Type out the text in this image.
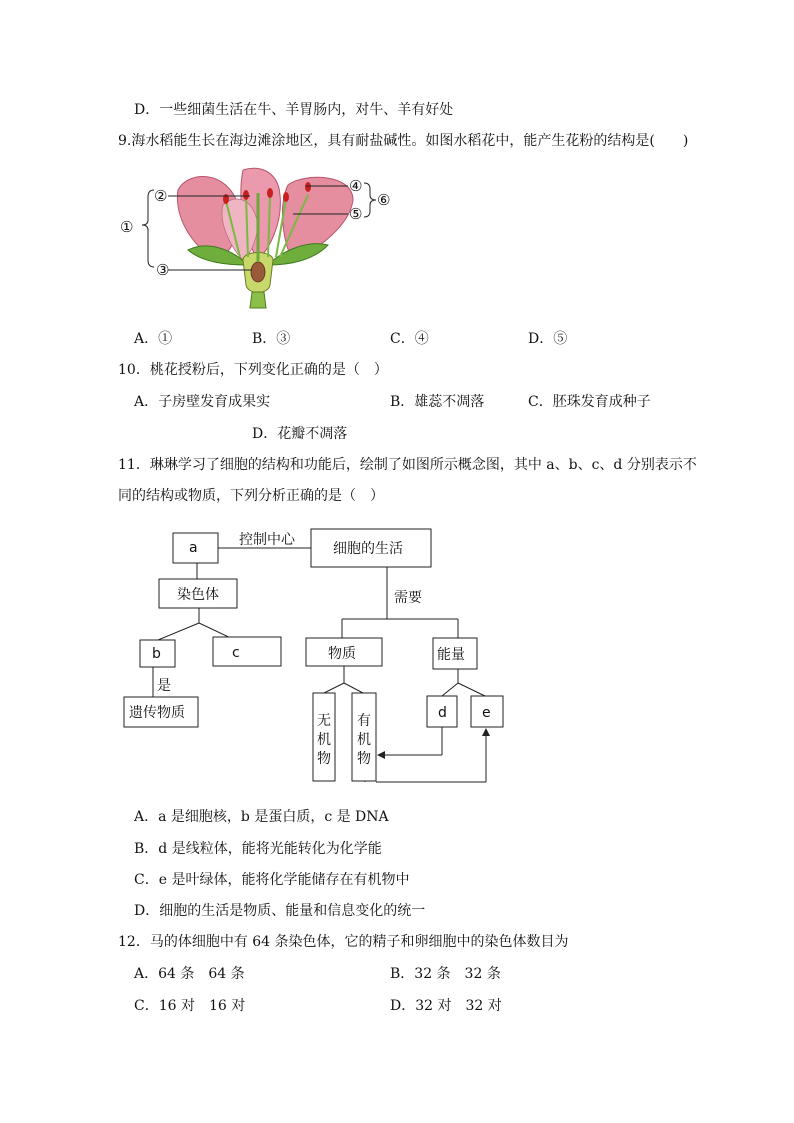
D．一些细菌生活在牛、羊胃肠内，对牛、羊有好处
9.海水稻能生长在海边滩涂地区，具有耐盐碱性。如图水稻花中，能产生花粉的结构是(　　)
①
②
③
④
⑤
⑥
A．①	B．③	C．④	D．⑤
10．桃花授粉后，下列变化正确的是（　）
A．子房壁发育成果实	B．雄蕊不凋落	C．胚珠发育成种子
D．花瓣不凋落
11．琳琳学习了细胞的结构和功能后，绘制了如图所示概念图，其中 a、b、c、d 分别表示不
同的结构或物质，下列分析正确的是（　）
a	控制中心
细胞的生活
染色体
b	c
是
遗传物质
需要
物质	能量
无
机
物
有
机
物
d	e
A．a 是细胞核，b 是蛋白质，c 是 DNA
B．d 是线粒体，能将光能转化为化学能
C．e 是叶绿体，能将化学能储存在有机物中
D．细胞的生活是物质、能量和信息变化的统一
12．马的体细胞中有 64 条染色体，它的精子和卵细胞中的染色体数目为
A．64 条　64 条	B．32 条　32 条
C．16 对　16 对	D．32 对　32 对
